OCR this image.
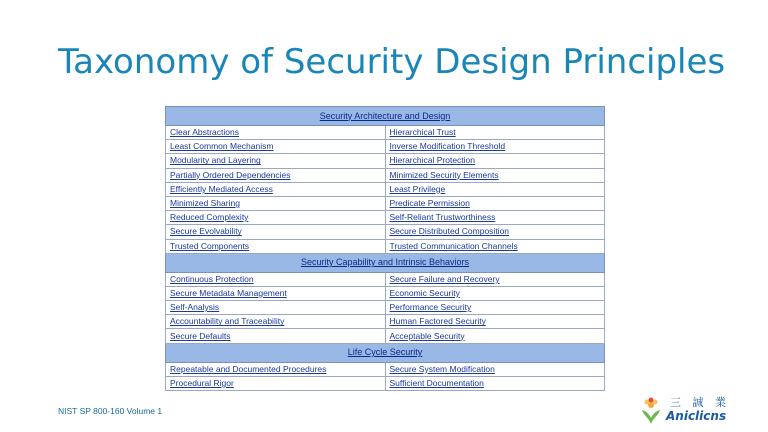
Taxonomy of Security Design Principles
Security Architecture and Design	
Clear Abstractions	Hierarchical Trust
Least Common Mechanism	Inverse Modification Threshold
Modularity and Layering	Hierarchical Protection
Partially Ordered Dependencies	Minimized Security Elements
Efficiently Mediated Access	Least Privilege
Minimized Sharing	Predicate Permission
Reduced Complexity	Self-Reliant Trustworthiness
Secure Evolvability	Secure Distributed Composition
Trusted Components	Trusted Communication Channels
Security Capability and Intrinsic Behaviors	
Continuous Protection	Secure Failure and Recovery
Secure Metadata Management	Economic Security
Self-Analysis	Performance Security
Accountability and Traceability	Human Factored Security
Secure Defaults	Acceptable Security
Life Cycle Security	
Repeatable and Documented Procedures	Secure System Modification
Procedural Rigor	Sufficient Documentation
NIST SP 800-160 Volume 1
三 誠 業
Aniclicns
